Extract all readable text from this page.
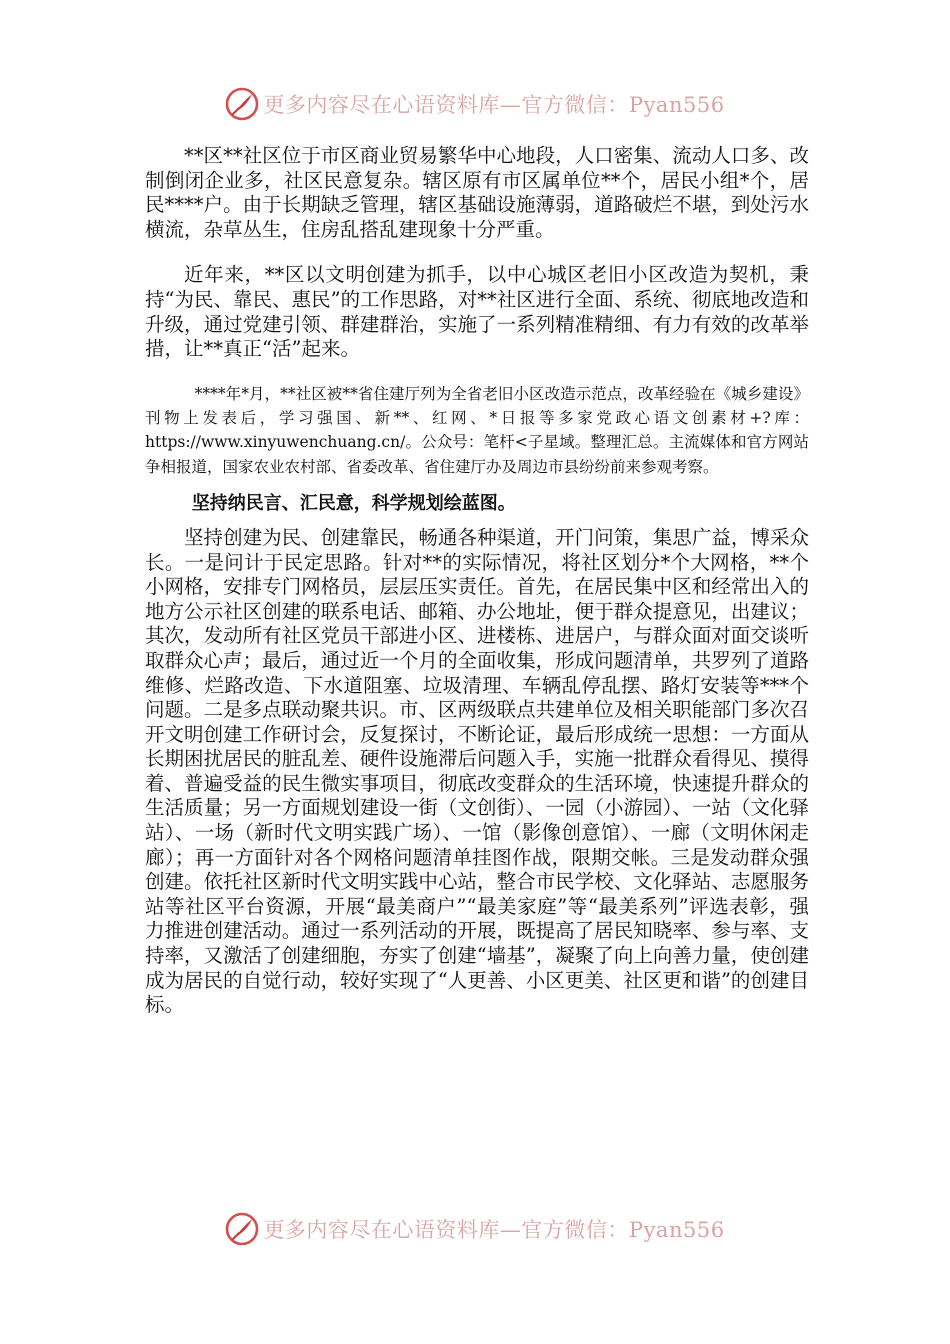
更多内容尽在心语资料库—官方微信：Pyan556

**区**社区位于市区商业贸易繁华中心地段，人口密集、流动人口多、改制倒闭企业多，社区民意复杂。辖区原有市区属单位**个，居民小组*个，居民****户。由于长期缺乏管理，辖区基础设施薄弱，道路破烂不堪，到处污水横流，杂草丛生，住房乱搭乱建现象十分严重。

近年来，**区以文明创建为抓手，以中心城区老旧小区改造为契机，秉持“为民、靠民、惠民”的工作思路，对**社区进行全面、系统、彻底地改造和升级，通过党建引领、群建群治，实施了一系列精准精细、有力有效的改革举措，让**真正“活”起来。

****年*月，**社区被**省住建厅列为全省老旧小区改造示范点，改革经验在《城乡建设》刊物上发表后，学习强国、新**、红网、*日报等多家党政心语文创素材+?库：https://www.xinyuwenchuang.cn/。公众号：笔杆<子星域。整理汇总。主流媒体和官方网站争相报道，国家农业农村部、省委改革、省住建厅办及周边市县纷纷前来参观考察。

坚持纳民言、汇民意，科学规划绘蓝图。

坚持创建为民、创建靠民，畅通各种渠道，开门问策，集思广益，博采众长。一是问计于民定思路。针对**的实际情况，将社区划分*个大网格，**个小网格，安排专门网格员，层层压实责任。首先，在居民集中区和经常出入的地方公示社区创建的联系电话、邮箱、办公地址，便于群众提意见，出建议；其次，发动所有社区党员干部进小区、进楼栋、进居户，与群众面对面交谈听取群众心声；最后，通过近一个月的全面收集，形成问题清单，共罗列了道路维修、烂路改造、下水道阻塞、垃圾清理、车辆乱停乱摆、路灯安装等***个问题。二是多点联动聚共识。市、区两级联点共建单位及相关职能部门多次召开文明创建工作研讨会，反复探讨，不断论证，最后形成统一思想：一方面从长期困扰居民的脏乱差、硬件设施滞后问题入手，实施一批群众看得见、摸得着、普遍受益的民生微实事项目，彻底改变群众的生活环境，快速提升群众的生活质量；另一方面规划建设一街（文创街）、一园（小游园）、一站（文化驿站）、一场（新时代文明实践广场）、一馆（影像创意馆）、一廊（文明休闲走廊）；再一方面针对各个网格问题清单挂图作战，限期交帐。三是发动群众强创建。依托社区新时代文明实践中心站，整合市民学校、文化驿站、志愿服务站等社区平台资源，开展“最美商户”“最美家庭”等“最美系列”评选表彰，强力推进创建活动。通过一系列活动的开展，既提高了居民知晓率、参与率、支持率，又激活了创建细胞，夯实了创建“墙基”，凝聚了向上向善力量，使创建成为居民的自觉行动，较好实现了“人更善、小区更美、社区更和谐”的创建目标。

更多内容尽在心语资料库—官方微信：Pyan556
